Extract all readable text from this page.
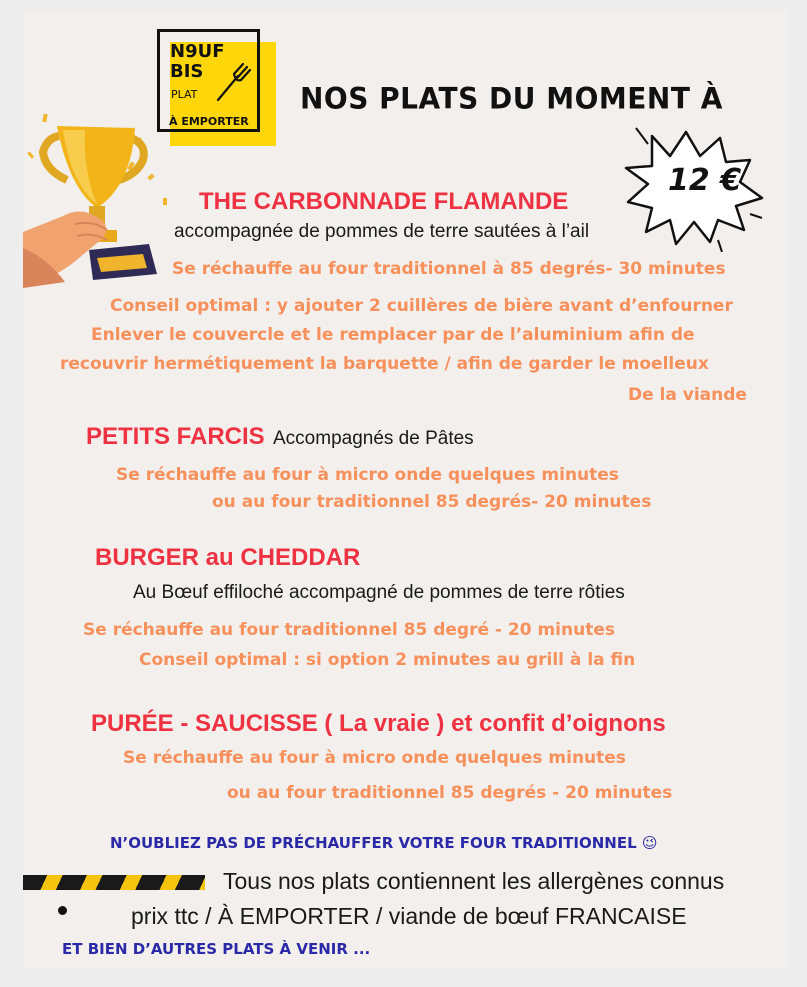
N9UF
BIS
PLAT
À EMPORTER
NOS PLATS DU MOMENT À
12 €
THE CARBONNADE FLAMANDE
accompagnée de pommes de terre sautées à l’ail
Se réchauffe au four traditionnel à 85 degrés- 30 minutes
Conseil optimal : y ajouter 2 cuillères de bière avant d’enfourner
Enlever le couvercle et le remplacer par de l’aluminium afin de
recouvrir hermétiquement la barquette / afin de garder le moelleux
De la viande
PETITS FARCIS Accompagnés de Pâtes
Se réchauffe au four à micro onde quelques minutes
ou au four traditionnel 85 degrés- 20 minutes
BURGER au CHEDDAR
Au Bœuf effiloché accompagné de pommes de terre rôties
Se réchauffe au four traditionnel 85 degré - 20 minutes
Conseil optimal : si option 2 minutes au grill à la fin
PURÉE - SAUCISSE ( La vraie ) et confit d’oignons
Se réchauffe au four à micro onde quelques minutes
ou au four traditionnel 85 degrés - 20 minutes
N’OUBLIEZ PAS DE PRÉCHAUFFER VOTRE FOUR TRADITIONNEL 😉
Tous nos plats contiennent les allergènes connus
prix ttc / À EMPORTER / viande de bœuf FRANCAISE
ET BIEN D’AUTRES PLATS À VENIR ...
